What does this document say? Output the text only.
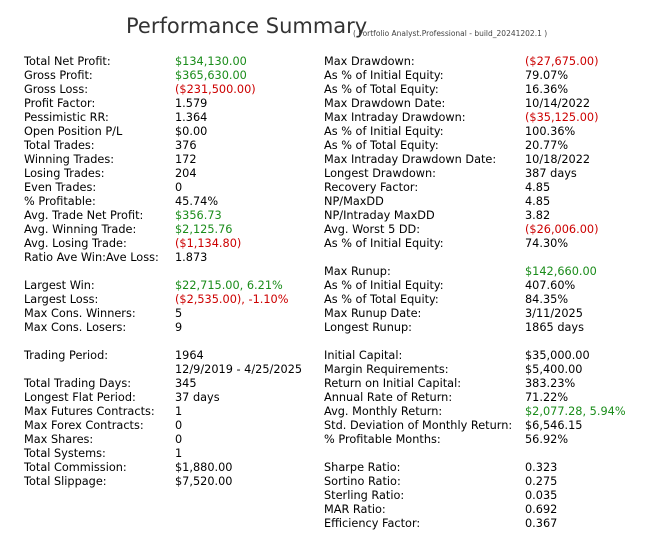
Performance Summary
( Portfolio Analyst.Professional - build_20241202.1 )
Total Net Profit:	$134,130.00
Gross Profit:	$365,630.00
Gross Loss:	($231,500.00)
Profit Factor:	1.579
Pessimistic RR:	1.364
Open Position P/L	$0.00
Total Trades:	376
Winning Trades:	172
Losing Trades:	204
Even Trades:	0
% Profitable:	45.74%
Avg. Trade Net Profit:	$356.73
Avg. Winning Trade:	$2,125.76
Avg. Losing Trade:	($1,134.80)
Ratio Ave Win:Ave Loss: 1.873
Largest Win:	$22,715.00, 6.21%
Largest Loss:	($2,535.00), -1.10%
Max Cons. Winners:	5
Max Cons. Losers:	9
Trading Period:	1964
12/9/2019 - 4/25/2025
Total Trading Days:	345
Longest Flat Period:	37 days
Max Futures Contracts: 1
Max Forex Contracts:	0
Max Shares:	0
Total Systems:	1
Total Commission:	$1,880.00
Total Slippage:	$7,520.00
Max Drawdown:	($27,675.00)
As % of Initial Equity:	79.07%
As % of Total Equity:	16.36%
Max Drawdown Date:	10/14/2022
Max Intraday Drawdown:	($35,125.00)
As % of Initial Equity:	100.36%
As % of Total Equity:	20.77%
Max Intraday Drawdown Date:	10/18/2022
Longest Drawdown:	387 days
Recovery Factor:	4.85
NP/MaxDD	4.85
NP/Intraday MaxDD	3.82
Avg. Worst 5 DD:	($26,006.00)
As % of Initial Equity:	74.30%
Max Runup:	$142,660.00
As % of Initial Equity:	407.60%
As % of Total Equity:	84.35%
Max Runup Date:	3/11/2025
Longest Runup:	1865 days
Initial Capital:	$35,000.00
Margin Requirements:	$5,400.00
Return on Initial Capital:	383.23%
Annual Rate of Return:	71.22%
Avg. Monthly Return:	$2,077.28, 5.94%
Std. Deviation of Monthly Return: $6,546.15
% Profitable Months:	56.92%
Sharpe Ratio:	0.323
Sortino Ratio:	0.275
Sterling Ratio:	0.035
MAR Ratio:	0.692
Efficiency Factor:	0.367
